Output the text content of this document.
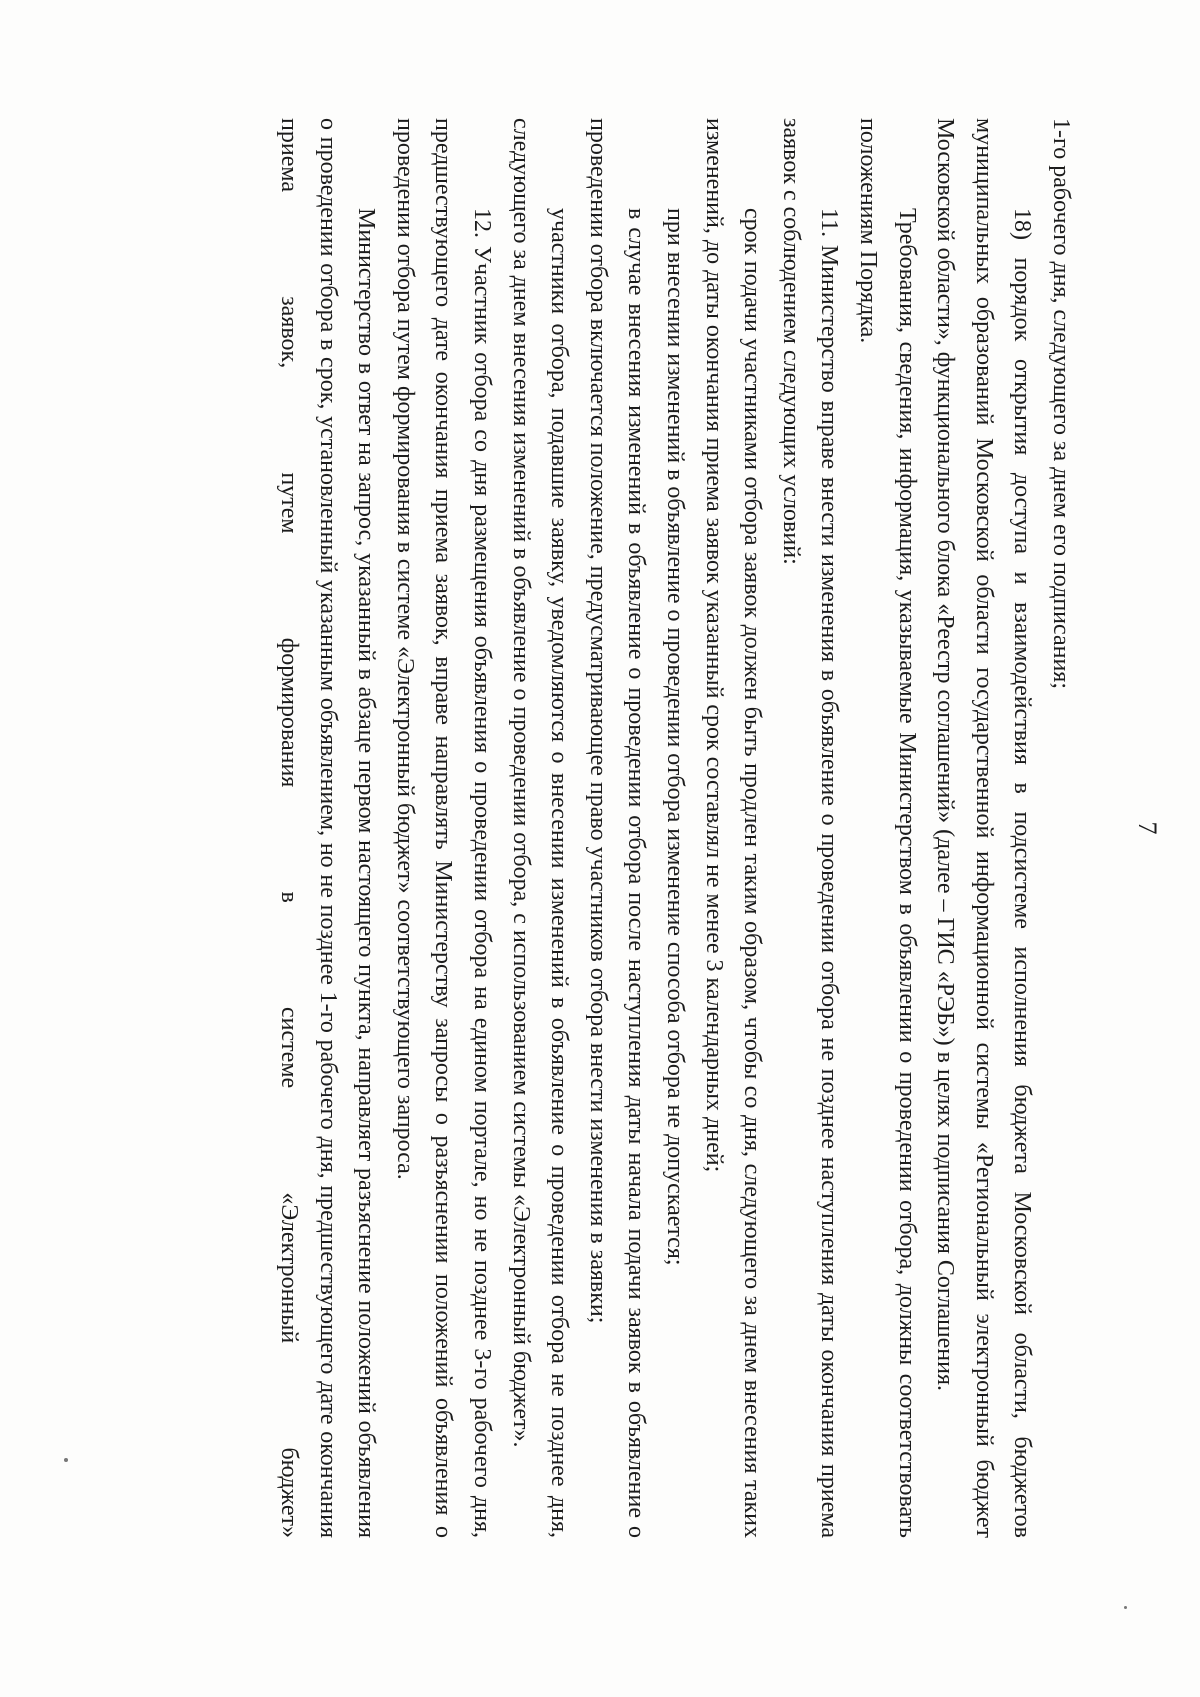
7

1-го рабочего дня, следующего за днем его подписания;

18) порядок открытия доступа и взаимодействия в подсистеме исполнения бюджета Московской области, бюджетов муниципальных образований Московской области государственной информационной системы «Региональный электронный бюджет Московской области», функционального блока «Реестр соглашений» (далее – ГИС «РЭБ») в целях подписания Соглашения.

Требования, сведения, информация, указываемые Министерством в объявлении о проведении отбора, должны соответствовать положениям Порядка.

11. Министерство вправе внести изменения в объявление о проведении отбора не позднее наступления даты окончания приема заявок с соблюдением следующих условий:

срок подачи участниками отбора заявок должен быть продлен таким образом, чтобы со дня, следующего за днем внесения таких изменений, до даты окончания приема заявок указанный срок составлял не менее 3 календарных дней;

при внесении изменений в объявление о проведении отбора изменение способа отбора не допускается;

в случае внесения изменений в объявление о проведении отбора после наступления даты начала подачи заявок в объявление о проведении отбора включается положение, предусматривающее право участников отбора внести изменения в заявки;

участники отбора, подавшие заявку, уведомляются о внесении изменений в объявление о проведении отбора не позднее дня, следующего за днем внесения изменений в объявление о проведении отбора, с использованием системы «Электронный бюджет».

12. Участник отбора со дня размещения объявления о проведении отбора на едином портале, но не позднее 3-го рабочего дня, предшествующего дате окончания приема заявок, вправе направлять Министерству запросы о разъяснении положений объявления о проведении отбора путем формирования в системе «Электронный бюджет» соответствующего запроса.

Министерство в ответ на запрос, указанный в абзаце первом настоящего пункта, направляет разъяснение положений объявления о проведении отбора в срок, установленный указанным объявлением, но не позднее 1-го рабочего дня, предшествующего дате окончания приема заявок, путем формирования в системе «Электронный бюджет»
